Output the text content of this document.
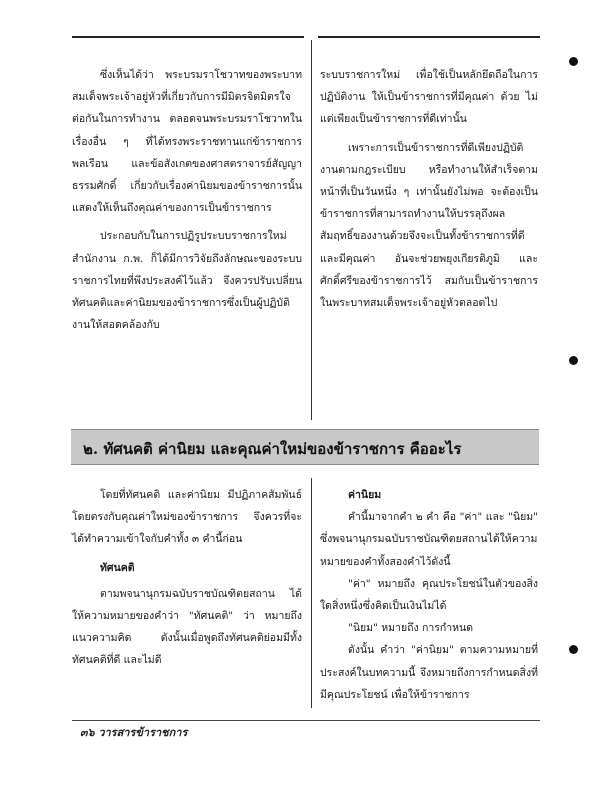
ซึ่งเห็นได้ว่า พระบรมราโชวาทของพระบาทสมเด็จพระเจ้าอยู่หัวที่เกี่ยวกับการมีมิตรจิตมิตรใจต่อกันในการทำงาน ตลอดจนพระบรมราโชวาทในเรื่องอื่น ๆ ที่ได้ทรงพระราชทานแก่ข้าราชการพลเรือน และข้อสังเกตของศาสตราจารย์สัญญา ธรรมศักดิ์ เกี่ยวกับเรื่องค่านิยมของข้าราชการนั้นแสดงให้เห็นถึงคุณค่าของการเป็นข้าราชการ

ประกอบกับในการปฏิรูประบบราชการใหม่ สำนักงาน ก.พ. ก็ได้มีการวิจัยถึงลักษณะของระบบราชการไทยที่พึงประสงค์ไว้แล้ว จึงควรปรับเปลี่ยนทัศนคติและค่านิยมของข้าราชการซึ่งเป็นผู้ปฏิบัติงานให้สอดคล้องกับ

ระบบราชการใหม่ เพื่อใช้เป็นหลักยึดถือในการปฏิบัติงาน ให้เป็นข้าราชการที่มีคุณค่า ด้วย ไม่แต่เพียงเป็นข้าราชการที่ดีเท่านั้น

เพราะการเป็นข้าราชการที่ดีเพียงปฏิบัติงานตามกฎระเบียบ หรือทำงานให้สำเร็จตามหน้าที่เป็นวันหนึ่ง ๆ เท่านั้นยังไม่พอ จะต้องเป็นข้าราชการที่สามารถทำงานให้บรรลุถึงผลสัมฤทธิ์ของงานด้วยจึงจะเป็นทั้งข้าราชการที่ดี และมีคุณค่า อันจะช่วยพยุงเกียรติภูมิ และศักดิ์ศรีของข้าราชการไว้ สมกับเป็นข้าราชการในพระบาทสมเด็จพระเจ้าอยู่หัวตลอดไป

๒. ทัศนคติ ค่านิยม และคุณค่าใหม่ของข้าราชการ คืออะไร

โดยที่ทัศนคติ และค่านิยม มีปฏิภาคสัมพันธ์โดยตรงกับคุณค่าใหม่ของข้าราชการ จึงควรที่จะได้ทำความเข้าใจกับคำทั้ง ๓ คำนี้ก่อน

ทัศนคติ

ตามพจนานุกรมฉบับราชบัณฑิตยสถาน ได้ให้ความหมายของคำว่า "ทัศนคติ" ว่า หมายถึง แนวความคิด ดังนั้นเมื่อพูดถึงทัศนคติย่อมมีทั้งทัศนคติที่ดี และไม่ดี

ค่านิยม

คำนี้มาจากคำ ๒ คำ คือ "ค่า" และ "นิยม" ซึ่งพจนานุกรมฉบับราชบัณฑิตยสถานได้ให้ความหมายของคำทั้งสองคำไว้ดังนี้

"ค่า" หมายถึง คุณประโยชน์ในตัวของสิ่งใดสิ่งหนึ่งซึ่งคิดเป็นเงินไม่ได้

"นิยม" หมายถึง การกำหนด

ดังนั้น คำว่า "ค่านิยม" ตามความหมายที่ประสงค์ในบทความนี้ จึงหมายถึงการกำหนดสิ่งที่มีคุณประโยชน์ เพื่อให้ข้าราชการ

๓๖ วารสารข้าราชการ
